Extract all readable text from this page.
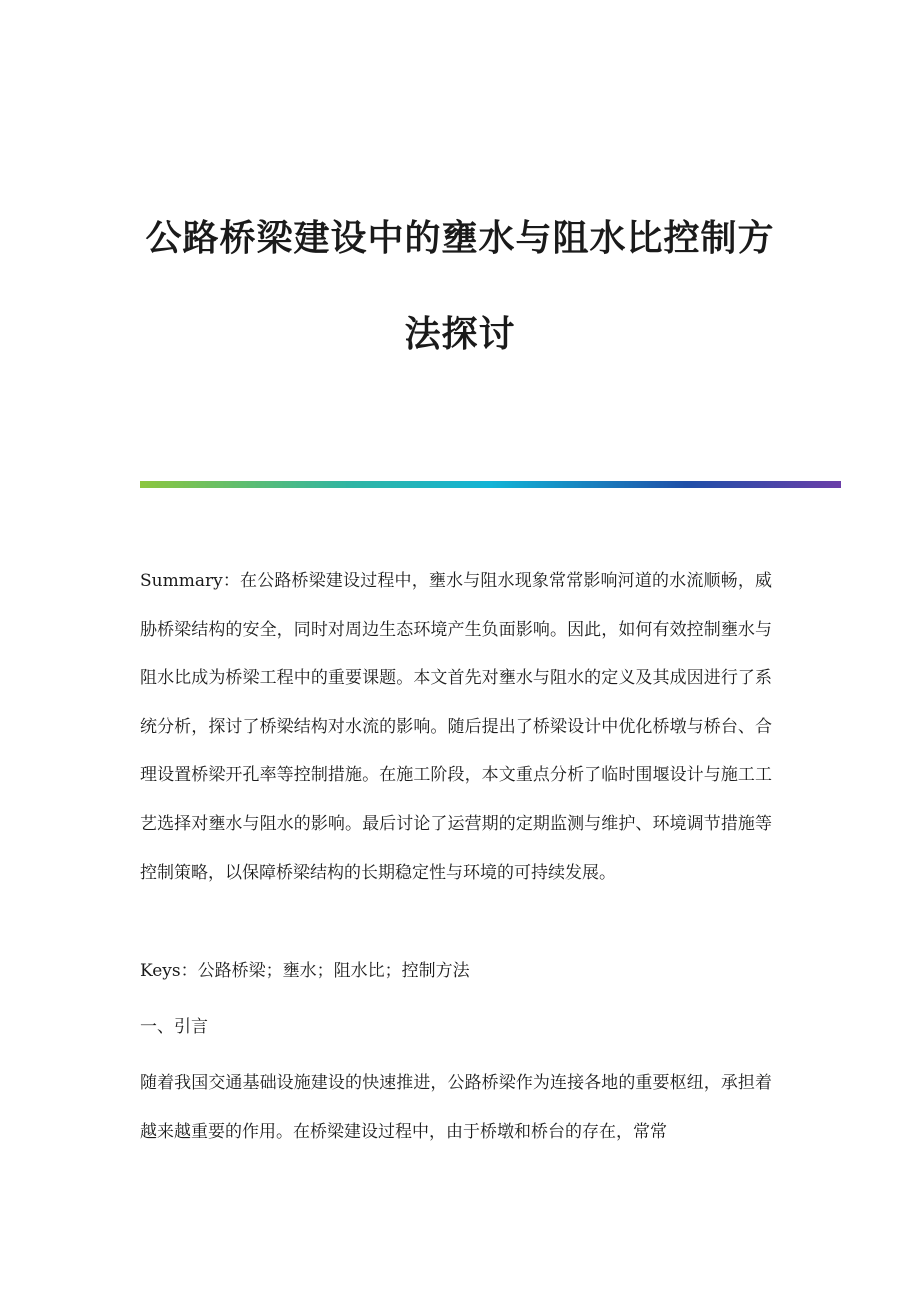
公路桥梁建设中的壅水与阻水比控制方
法探讨

Summary：在公路桥梁建设过程中，壅水与阻水现象常常影响河道的水流顺畅，威胁桥梁结构的安全，同时对周边生态环境产生负面影响。因此，如何有效控制壅水与阻水比成为桥梁工程中的重要课题。本文首先对壅水与阻水的定义及其成因进行了系统分析，探讨了桥梁结构对水流的影响。随后提出了桥梁设计中优化桥墩与桥台、合理设置桥梁开孔率等控制措施。在施工阶段，本文重点分析了临时围堰设计与施工工艺选择对壅水与阻水的影响。最后讨论了运营期的定期监测与维护、环境调节措施等控制策略，以保障桥梁结构的长期稳定性与环境的可持续发展。

Keys：公路桥梁；壅水；阻水比；控制方法

一、引言

随着我国交通基础设施建设的快速推进，公路桥梁作为连接各地的重要枢纽，承担着越来越重要的作用。在桥梁建设过程中，由于桥墩和桥台的存在，常常
